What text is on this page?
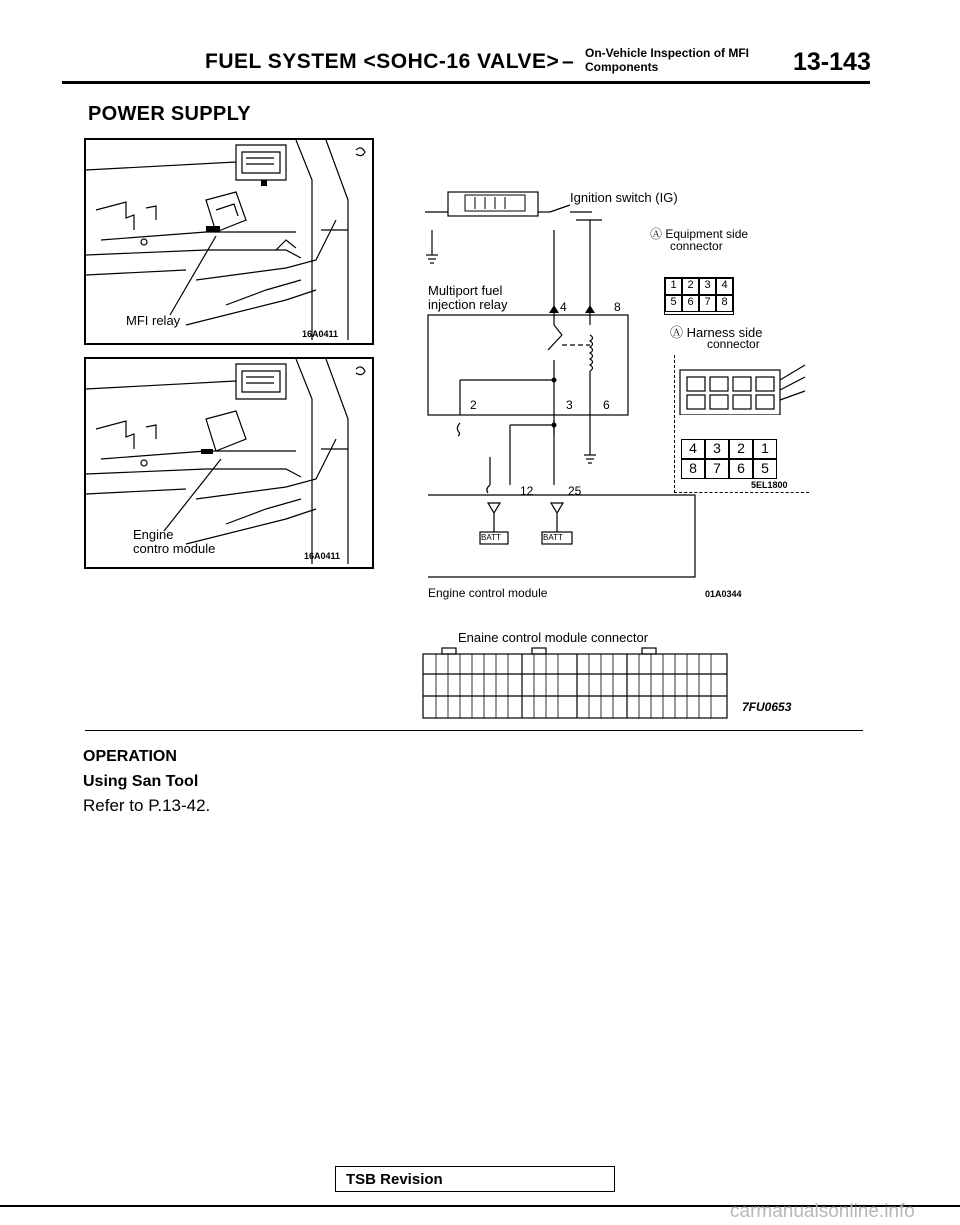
FUEL SYSTEM <SOHC-16 VALVE> – On-Vehicle Inspection of MFI
Components	13-143
POWER SUPPLY
MFI relay
16A0411
Engine
contro module	16A0411
Ignition switch (IG)
Ⓐ Equipment side
connector
Multiport fuel
injection relay	4	8
2	3	6
12	25
BATT	BATT
Engine control module	01A0344
1 2 3 4
5 6 7 8
Ⓐ Harness side
connector
4	3	2	1
8	7	6	5
5EL1800
Enaine control module connector
7FU0653
OPERATION
Using San Tool
Refer to P.13-42.
TSB Revision
carmanualsonline.info
